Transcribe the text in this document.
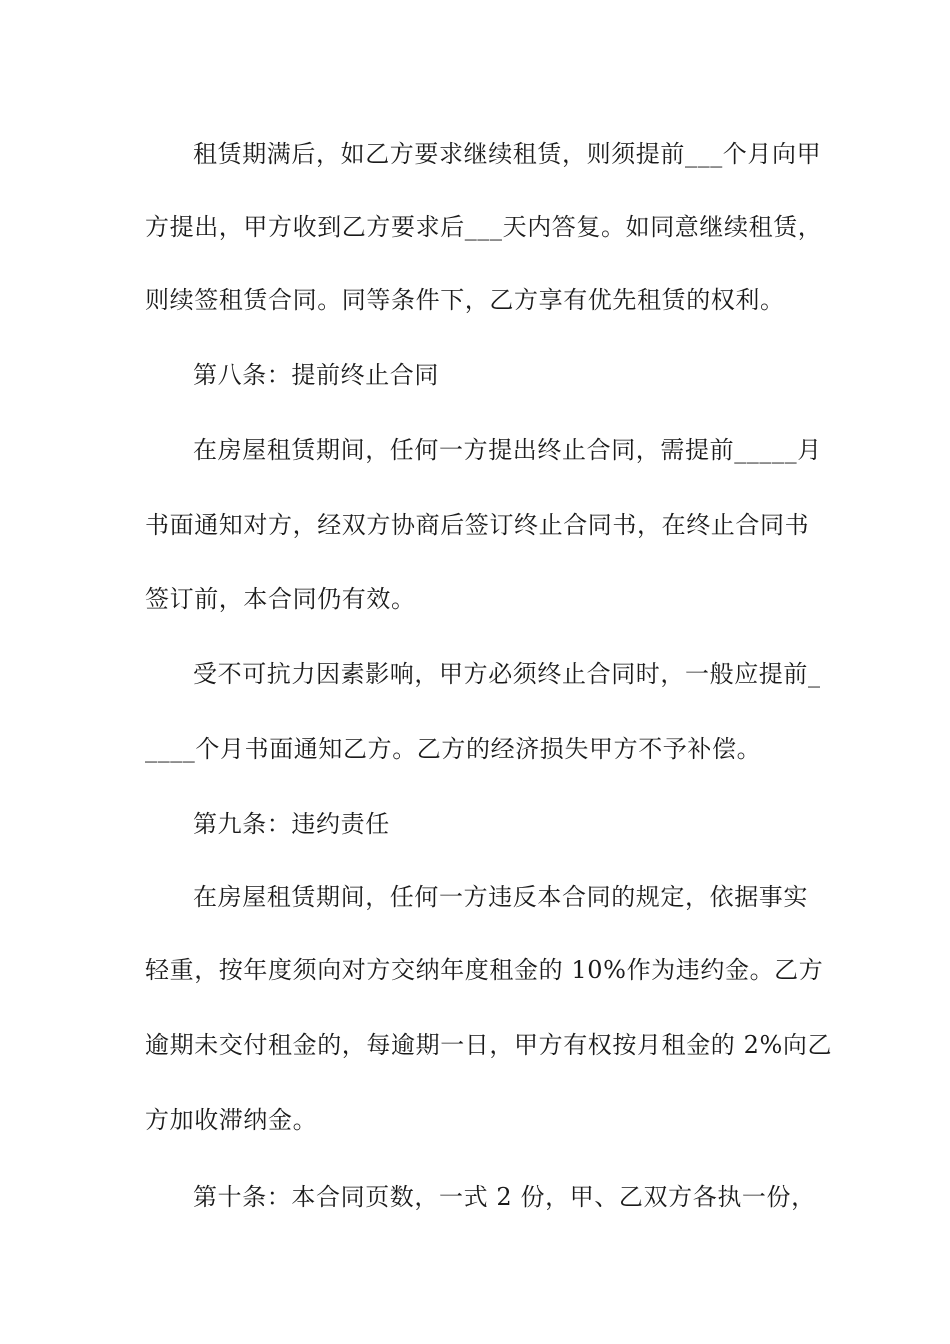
租赁期满后，如乙方要求继续租赁，则须提前___个月向甲
方提出，甲方收到乙方要求后___天内答复。如同意继续租赁，
则续签租赁合同。同等条件下，乙方享有优先租赁的权利。
第八条：提前终止合同
在房屋租赁期间，任何一方提出终止合同，需提前_____月
书面通知对方，经双方协商后签订终止合同书，在终止合同书
签订前，本合同仍有效。
受不可抗力因素影响，甲方必须终止合同时，一般应提前_
____个月书面通知乙方。乙方的经济损失甲方不予补偿。
第九条：违约责任
在房屋租赁期间，任何一方违反本合同的规定，依据事实
轻重，按年度须向对方交纳年度租金的 10%作为违约金。乙方
逾期未交付租金的，每逾期一日，甲方有权按月租金的 2%向乙
方加收滞纳金。
第十条：本合同页数，一式 2 份，甲、乙双方各执一份，
